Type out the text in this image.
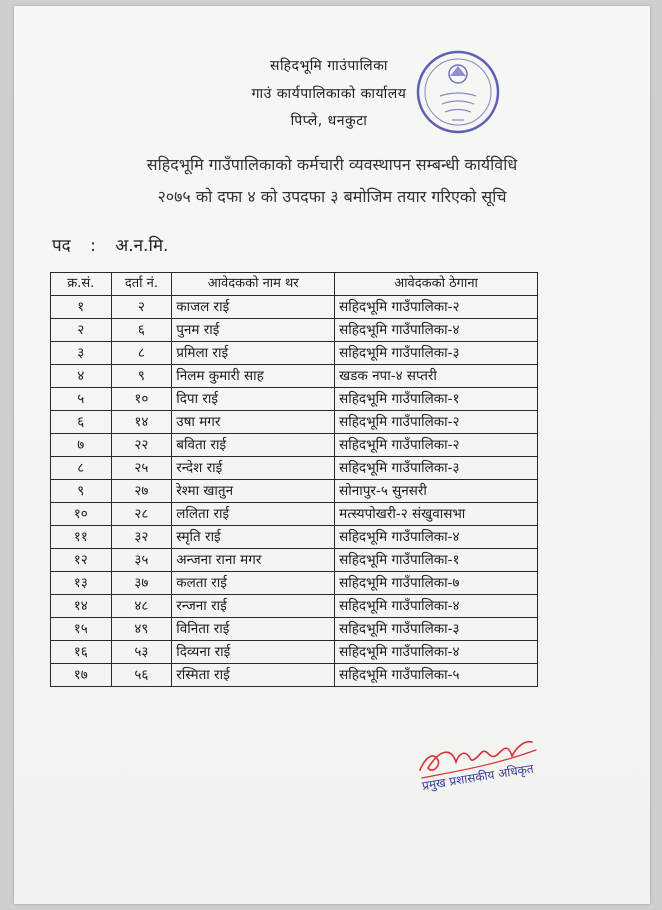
सहिदभूमि गाउंपालिका
गाउं कार्यपालिकाको कार्यालय
पिप्ले, धनकुटा
सहिदभूमि गाउँपालिकाको कर्मचारी व्यवस्थापन सम्बन्धी कार्यविधि
२०७५ को दफा ४ को उपदफा ३ बमोजिम तयार गरिएको सूचि
पद : अ.न.मि.
क्र.सं.	दर्ता नं.	आवेदकको नाम थर	आवेदकको ठेगाना
१	२	काजल राई	सहिदभूमि गाउँपालिका-२
२	६	पुनम राई	सहिदभूमि गाउँपालिका-४
३	८	प्रमिला राई	सहिदभूमि गाउँपालिका-३
४	९	निलम कुमारी साह	खडक नपा-४ सप्तरी
५	१०	दिपा राई	सहिदभूमि गाउँपालिका-१
६	१४	उषा मगर	सहिदभूमि गाउँपालिका-२
७	२२	बविता राई	सहिदभूमि गाउँपालिका-२
८	२५	रन्देश राई	सहिदभूमि गाउँपालिका-३
९	२७	रेश्मा खातुन	सोनापुर-५ सुनसरी
१०	२८	ललिता राई	मत्स्यपोखरी-२ संखुवासभा
११	३२	स्मृति राई	सहिदभूमि गाउँपालिका-४
१२	३५	अन्जना राना मगर	सहिदभूमि गाउँपालिका-१
१३	३७	कलता राई	सहिदभूमि गाउँपालिका-७
१४	४८	रन्जना राई	सहिदभूमि गाउँपालिका-४
१५	४९	विनिता राई	सहिदभूमि गाउँपालिका-३
१६	५३	दिव्यना राई	सहिदभूमि गाउँपालिका-४
१७	५६	रस्मिता राई	सहिदभूमि गाउँपालिका-५
प्रमुख प्रशासकीय अधिकृत
